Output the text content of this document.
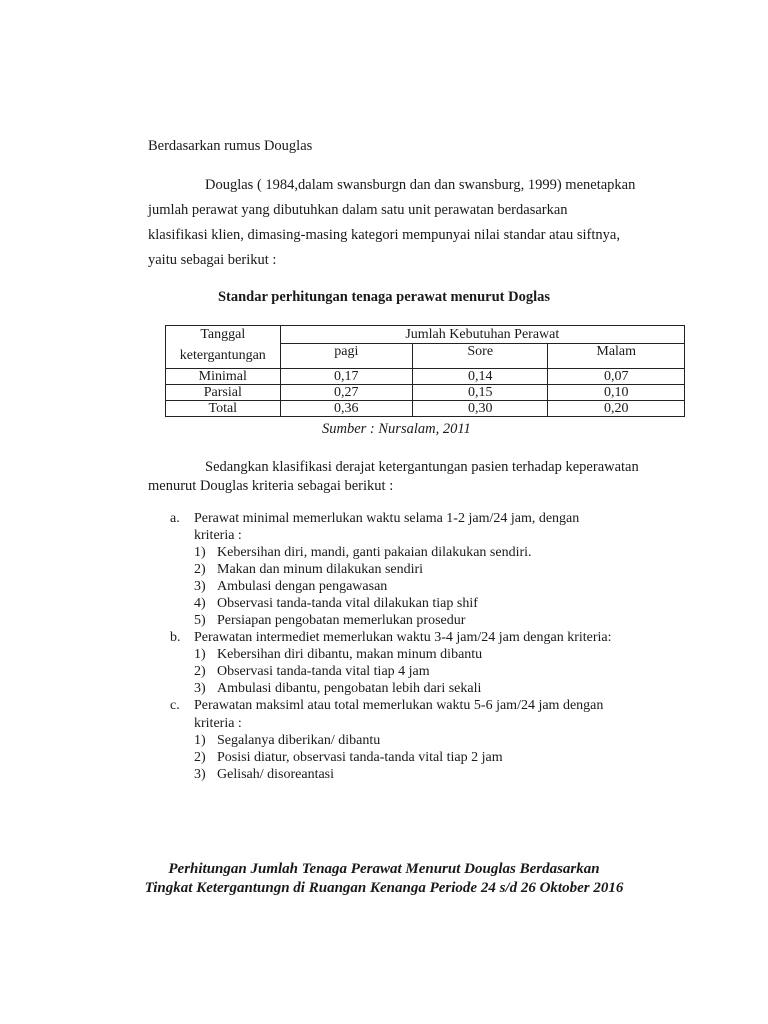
Berdasarkan rumus Douglas
Douglas ( 1984,dalam swansburgn dan dan swansburg, 1999) menetapkan
jumlah perawat yang dibutuhkan dalam satu unit perawatan berdasarkan
klasifikasi klien, dimasing-masing kategori mempunyai nilai standar atau siftnya,
yaitu sebagai berikut :
Standar perhitungan tenaga perawat menurut Doglas
Tanggal
ketergantungan	Jumlah Kebutuhan Perawat		
	pagi	Sore	Malam
Minimal	0,17	0,14	0,07
Parsial	0,27	0,15	0,10
Total	0,36	0,30	0,20
Sumber : Nursalam, 2011
Sedangkan klasifikasi derajat ketergantungan pasien terhadap keperawatan
menurut Douglas kriteria sebagai berikut :
a. Perawat minimal memerlukan waktu selama 1-2 jam/24 jam, dengan
kriteria :
1) Kebersihan diri, mandi, ganti pakaian dilakukan sendiri.
2) Makan dan minum dilakukan sendiri
3) Ambulasi dengan pengawasan
4) Observasi tanda-tanda vital dilakukan tiap shif
5) Persiapan pengobatan memerlukan prosedur
b. Perawatan intermediet memerlukan waktu 3-4 jam/24 jam dengan kriteria:
1) Kebersihan diri dibantu, makan minum dibantu
2) Observasi tanda-tanda vital tiap 4 jam
3) Ambulasi dibantu, pengobatan lebih dari sekali
c. Perawatan maksiml atau total memerlukan waktu 5-6 jam/24 jam dengan
kriteria :
1) Segalanya diberikan/ dibantu
2) Posisi diatur, observasi tanda-tanda vital tiap 2 jam
3) Gelisah/ disoreantasi
Perhitungan Jumlah Tenaga Perawat Menurut Douglas Berdasarkan
Tingkat Ketergantungn di Ruangan Kenanga Periode 24 s/d 26 Oktober 2016
